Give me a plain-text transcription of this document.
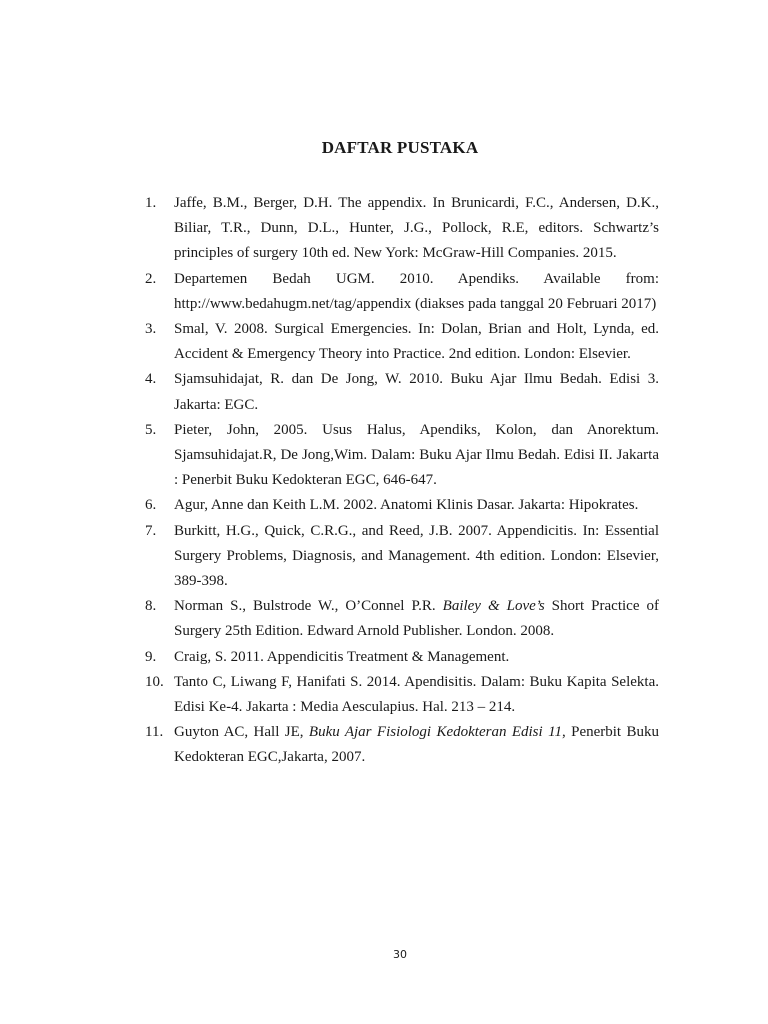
DAFTAR PUSTAKA
1. Jaffe, B.M., Berger, D.H. The appendix. In Brunicardi, F.C., Andersen, D.K., Biliar, T.R., Dunn, D.L., Hunter, J.G., Pollock, R.E, editors. Schwartz’s principles of surgery 10th ed. New York: McGraw-Hill Companies. 2015.
2. Departemen Bedah UGM. 2010. Apendiks. Available from: http://www.bedahugm.net/tag/appendix (diakses pada tanggal 20 Februari 2017)
3. Smal, V. 2008. Surgical Emergencies. In: Dolan, Brian and Holt, Lynda, ed. Accident & Emergency Theory into Practice. 2nd edition. London: Elsevier.
4. Sjamsuhidajat, R. dan De Jong, W. 2010. Buku Ajar Ilmu Bedah. Edisi 3. Jakarta: EGC.
5. Pieter, John, 2005. Usus Halus, Apendiks, Kolon, dan Anorektum. Sjamsuhidajat.R, De Jong,Wim. Dalam: Buku Ajar Ilmu Bedah. Edisi II. Jakarta : Penerbit Buku Kedokteran EGC, 646-647.
6. Agur, Anne dan Keith L.M. 2002. Anatomi Klinis Dasar. Jakarta: Hipokrates.
7. Burkitt, H.G., Quick, C.R.G., and Reed, J.B. 2007. Appendicitis. In: Essential Surgery Problems, Diagnosis, and Management. 4th edition. London: Elsevier, 389-398.
8. Norman S., Bulstrode W., O’Connel P.R. Bailey & Love’s Short Practice of Surgery 25th Edition. Edward Arnold Publisher. London. 2008.
9. Craig, S. 2011. Appendicitis Treatment & Management.
10. Tanto C, Liwang F, Hanifati S. 2014. Apendisitis. Dalam: Buku Kapita Selekta. Edisi Ke-4. Jakarta : Media Aesculapius. Hal. 213 – 214.
11. Guyton AC, Hall JE, Buku Ajar Fisiologi Kedokteran Edisi 11, Penerbit Buku Kedokteran EGC,Jakarta, 2007.
30
